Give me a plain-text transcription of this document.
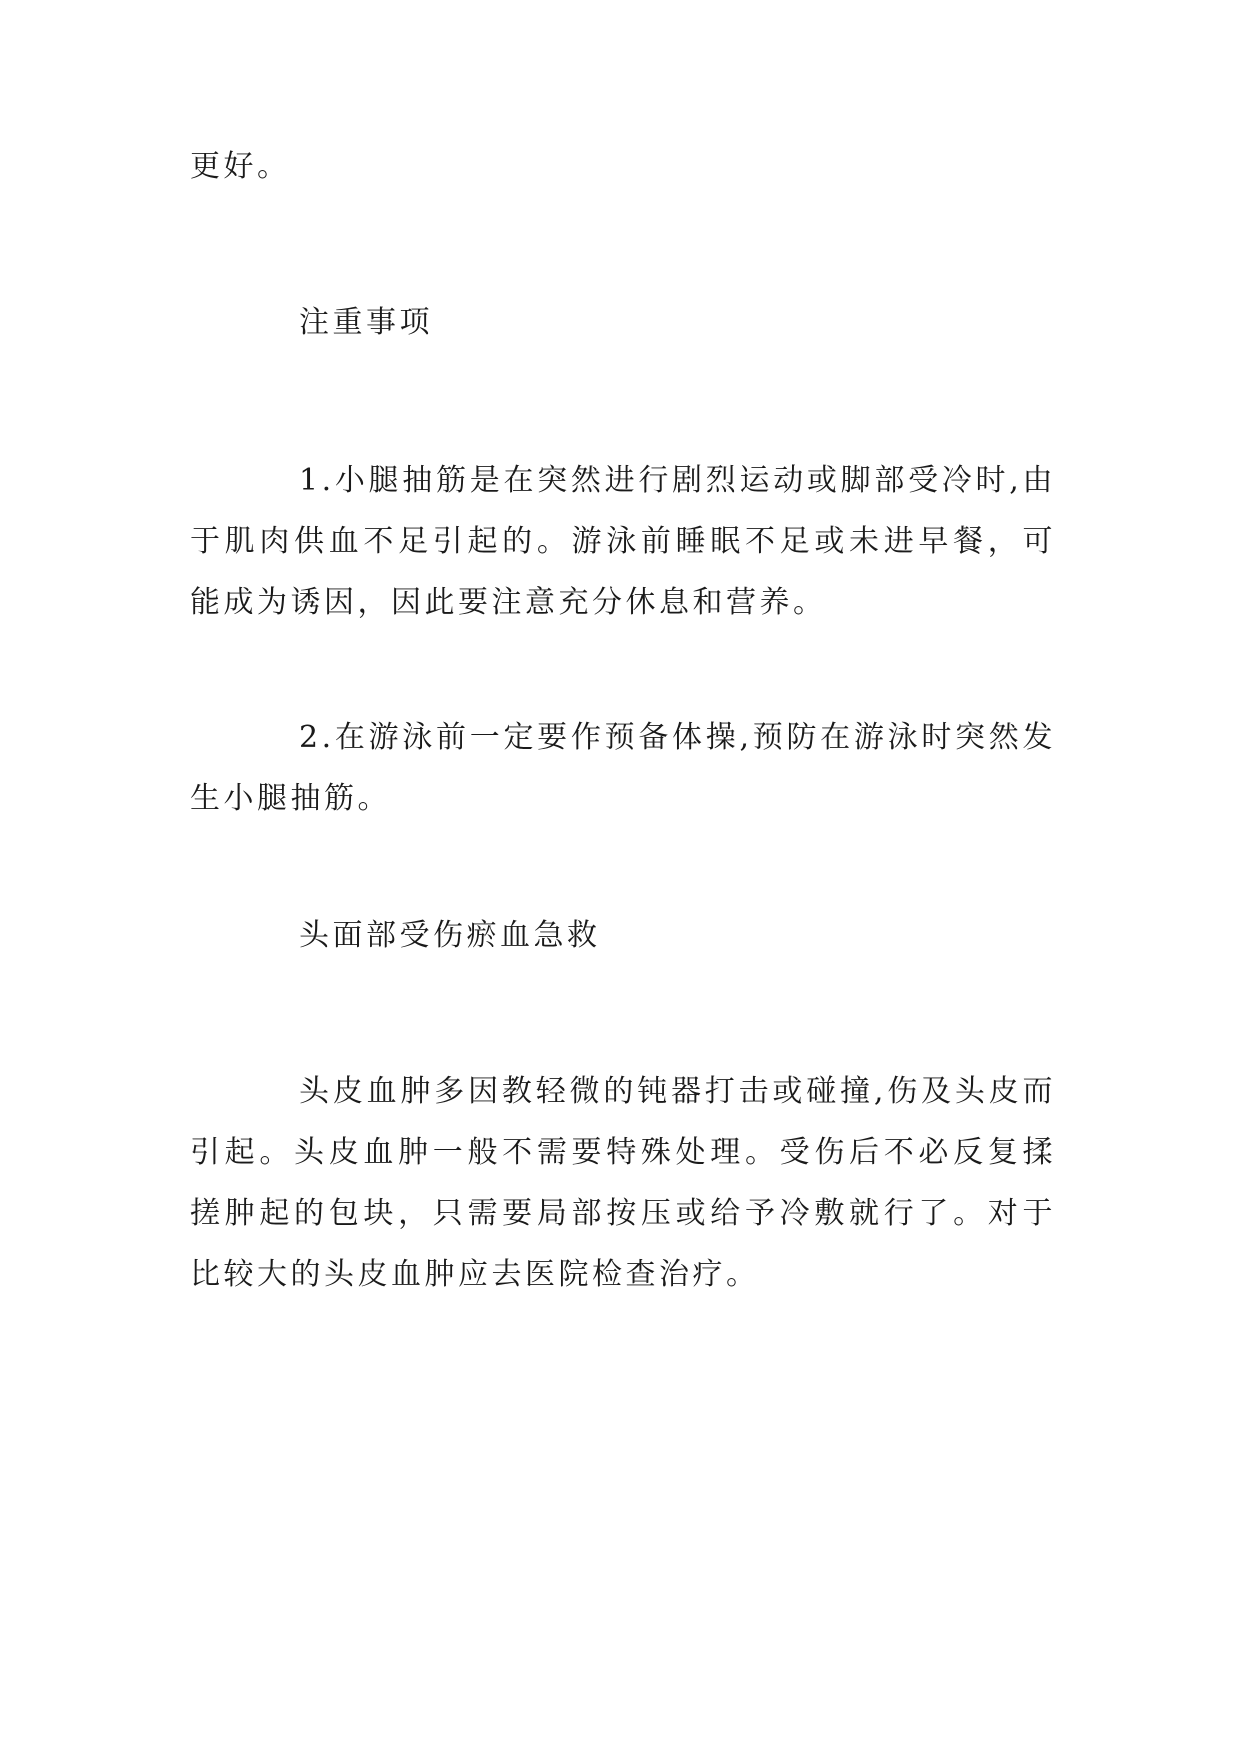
更好。

注重事项

1.小腿抽筋是在突然进行剧烈运动或脚部受冷时,由于肌肉供血不足引起的。游泳前睡眠不足或未进早餐，可能成为诱因，因此要注意充分休息和营养。

2.在游泳前一定要作预备体操,预防在游泳时突然发生小腿抽筋。

头面部受伤瘀血急救

头皮血肿多因教轻微的钝器打击或碰撞,伤及头皮而引起。头皮血肿一般不需要特殊处理。受伤后不必反复揉搓肿起的包块，只需要局部按压或给予冷敷就行了。对于比较大的头皮血肿应去医院检查治疗。
